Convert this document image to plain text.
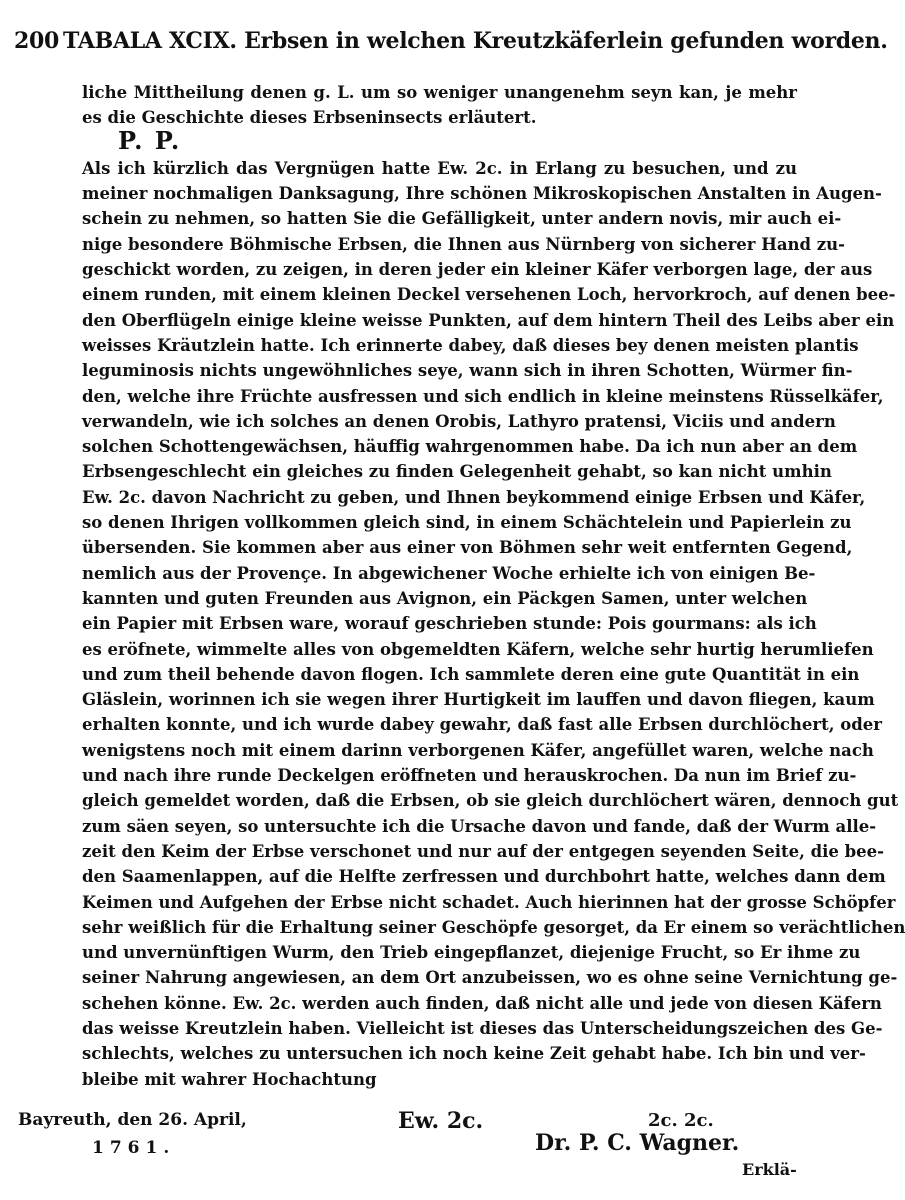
200 TABALA XCIX. Erbsen in welchen Kreutzkäferlein gefunden worden.
liche Mittheilung denen g. L. um so weniger unangenehm seyn kan, je mehr
es die Geschichte dieses Erbseninsects erläutert.
Als ich kürzlich das Vergnügen hatte Ew. 2c. in Erlang zu besuchen, und zu
meiner nochmaligen Danksagung, Ihre schönen Mikroskopischen Anstalten in Augen-
schein zu nehmen, so hatten Sie die Gefälligkeit, unter andern novis, mir auch ei-
nige besondere Böhmische Erbsen, die Ihnen aus Nürnberg von sicherer Hand zu-
geschickt worden, zu zeigen, in deren jeder ein kleiner Käfer verborgen lage, der aus
einem runden, mit einem kleinen Deckel versehenen Loch, hervorkroch, auf denen bee-
den Oberflügeln einige kleine weisse Punkten, auf dem hintern Theil des Leibs aber ein
weisses Kräutzlein hatte. Ich erinnerte dabey, daß dieses bey denen meisten plantis
leguminosis nichts ungewöhnliches seye, wann sich in ihren Schotten, Würmer fin-
den, welche ihre Früchte ausfressen und sich endlich in kleine meinstens Rüsselkäfer,
verwandeln, wie ich solches an denen Orobis, Lathyro pratensi, Viciis und andern
solchen Schottengewächsen, häuffig wahrgenommen habe. Da ich nun aber an dem
Erbsengeschlecht ein gleiches zu finden Gelegenheit gehabt, so kan nicht umhin
Ew. 2c. davon Nachricht zu geben, und Ihnen beykommend einige Erbsen und Käfer,
so denen Ihrigen vollkommen gleich sind, in einem Schächtelein und Papierlein zu
übersenden. Sie kommen aber aus einer von Böhmen sehr weit entfernten Gegend,
nemlich aus der Provençe. In abgewichener Woche erhielte ich von einigen Be-
kannten und guten Freunden aus Avignon, ein Päckgen Samen, unter welchen
ein Papier mit Erbsen ware, worauf geschrieben stunde: Pois gourmans: als ich
es eröfnete, wimmelte alles von obgemeldten Käfern, welche sehr hurtig herumliefen
und zum theil behende davon flogen. Ich sammlete deren eine gute Quantität in ein
Gläslein, worinnen ich sie wegen ihrer Hurtigkeit im lauffen und davon fliegen, kaum
erhalten konnte, und ich wurde dabey gewahr, daß fast alle Erbsen durchlöchert, oder
wenigstens noch mit einem darinn verborgenen Käfer, angefüllet waren, welche nach
und nach ihre runde Deckelgen eröffneten und herauskrochen. Da nun im Brief zu-
gleich gemeldet worden, daß die Erbsen, ob sie gleich durchlöchert wären, dennoch gut
zum säen seyen, so untersuchte ich die Ursache davon und fande, daß der Wurm alle-
zeit den Keim der Erbse verschonet und nur auf der entgegen seyenden Seite, die bee-
den Saamenlappen, auf die Helfte zerfressen und durchbohrt hatte, welches dann dem
Keimen und Aufgehen der Erbse nicht schadet. Auch hierinnen hat der grosse Schöpfer
sehr weißlich für die Erhaltung seiner Geschöpfe gesorget, da Er einem so verächtlichen
und unvernünftigen Wurm, den Trieb eingepflanzet, diejenige Frucht, so Er ihme zu
seiner Nahrung angewiesen, an dem Ort anzubeissen, wo es ohne seine Vernichtung ge-
schehen könne. Ew. 2c. werden auch finden, daß nicht alle und jede von diesen Käfern
das weisse Kreutzlein haben. Vielleicht ist dieses das Unterscheidungszeichen des Ge-
schlechts, welches zu untersuchen ich noch keine Zeit gehabt habe. Ich bin und ver-
bleibe mit wahrer Hochachtung
P. P.
Bayreuth, den 26. April,
1761.
Ew. 2c.	2c. 2c.
Dr. P. C. Wagner.
Erklä-
